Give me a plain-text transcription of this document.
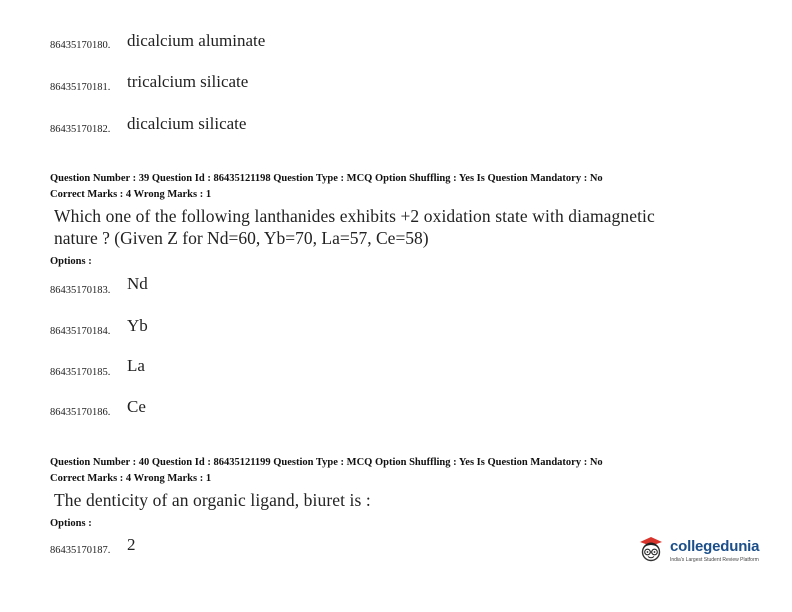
86435170180. dicalcium aluminate
86435170181. tricalcium silicate
86435170182. dicalcium silicate
Question Number : 39 Question Id : 86435121198 Question Type : MCQ Option Shuffling : Yes Is Question Mandatory : No
Correct Marks : 4 Wrong Marks : 1
Which one of the following lanthanides exhibits +2 oxidation state with diamagnetic
nature ? (Given Z for Nd=60, Yb=70, La=57, Ce=58)
Options :
86435170183. Nd
86435170184. Yb
86435170185. La
86435170186. Ce
Question Number : 40 Question Id : 86435121199 Question Type : MCQ Option Shuffling : Yes Is Question Mandatory : No
Correct Marks : 4 Wrong Marks : 1
The denticity of an organic ligand, biuret is :
Options :
86435170187. 2	collegedunia
India's Largest Student Review Platform
